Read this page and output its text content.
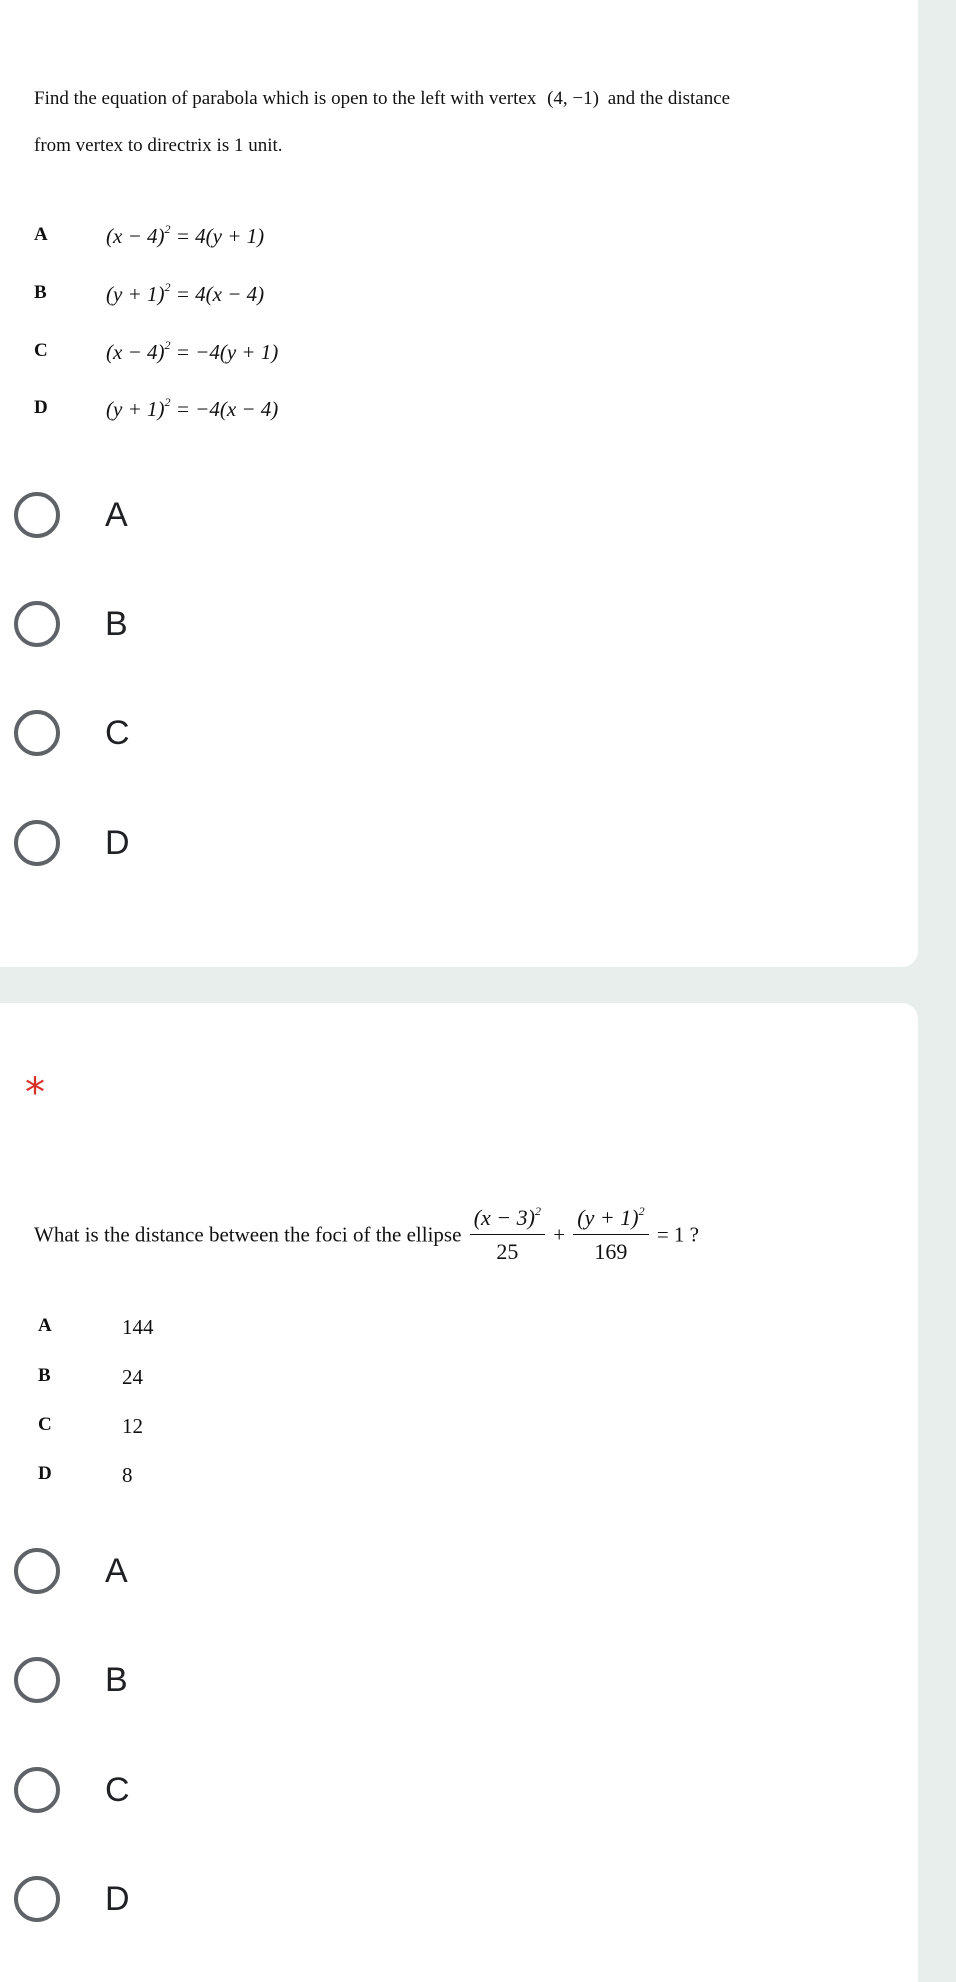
Find the equation of parabola which is open to the left with vertex (4, −1) and the distance
from vertex to directrix is 1 unit.
A	$(x - 4)^2 = 4(y + 1)$
B	$(y + 1)^2 = 4(x - 4)$
C	$(x - 4)^2 = -4(y + 1)$
D	$(y + 1)^2 = -4(x - 4)$
A
B
C
D
*
What is the distance between the foci of the ellipse $\frac{(x - 3)^2}{25} + \frac{(y + 1)^2}{169} = 1$ ?
A	144
B	24
C	12
D	8
A
B
C
D
